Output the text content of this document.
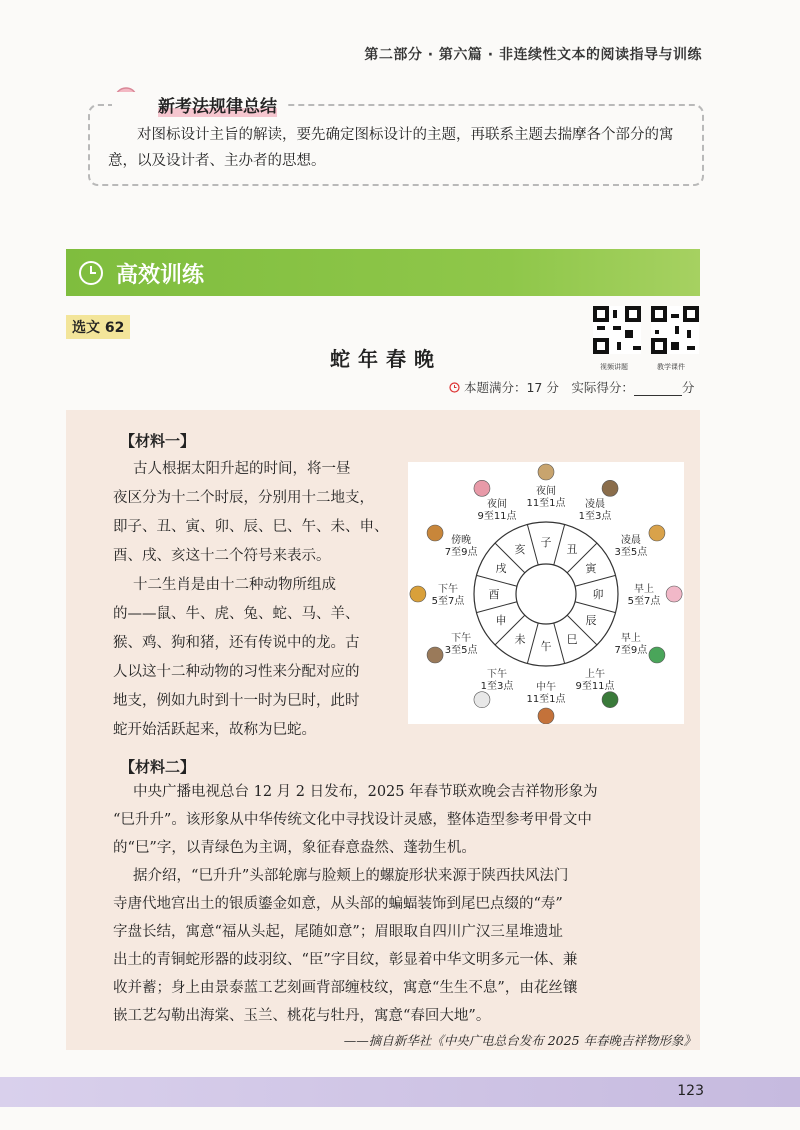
第二部分 · 第六篇 · 非连续性文本的阅读指导与训练
新考法规律总结
对图标设计主旨的解读，要先确定图标设计的主题，再联系主题去揣摩各个部分的寓意，以及设计者、主办者的思想。
高效训练
选文 62
蛇年春晚	视频讲题	教学课件
本题满分：17 分　实际得分：	分
【材料一】
古人根据太阳升起的时间，将一昼
夜区分为十二个时辰，分别用十二地支，
即子、丑、寅、卯、辰、巳、午、未、申、
酉、戌、亥这十二个符号来表示。
十二生肖是由十二种动物所组成
的——鼠、牛、虎、兔、蛇、马、羊、
猴、鸡、狗和猪，还有传说中的龙。古
人以这十二种动物的习性来分配对应的
地支，例如九时到十一时为巳时，此时
蛇开始活跃起来，故称为巳蛇。
子
夜间
11至1点
丑
凌晨
1至3点
寅
凌晨
3至5点
卯	早上
5至7点
辰
早上
7至9点
巳
上午
9至11点
午
中午
11至1点
未
下午
1至3点
申
下午
3至5点
酉
下午
5至7点
戌
傍晚
7至9点	亥
夜间
9至11点
【材料二】
中央广播电视总台 12 月 2 日发布，2025 年春节联欢晚会吉祥物形象为
“巳升升”。该形象从中华传统文化中寻找设计灵感，整体造型参考甲骨文中
的“巳”字，以青绿色为主调，象征春意盎然、蓬勃生机。
据介绍，“巳升升”头部轮廓与脸颊上的螺旋形状来源于陕西扶风法门
寺唐代地宫出土的银质鎏金如意，从头部的蝙蝠装饰到尾巴点缀的“寿”
字盘长结，寓意“福从头起，尾随如意”；眉眼取自四川广汉三星堆遗址
出土的青铜蛇形器的歧羽纹、“臣”字目纹，彰显着中华文明多元一体、兼
收并蓄；身上由景泰蓝工艺刻画背部缠枝纹，寓意“生生不息”，由花丝镶
嵌工艺勾勒出海棠、玉兰、桃花与牡丹，寓意“春回大地”。
——摘自新华社《中央广电总台发布 2025 年春晚吉祥物形象》
123
